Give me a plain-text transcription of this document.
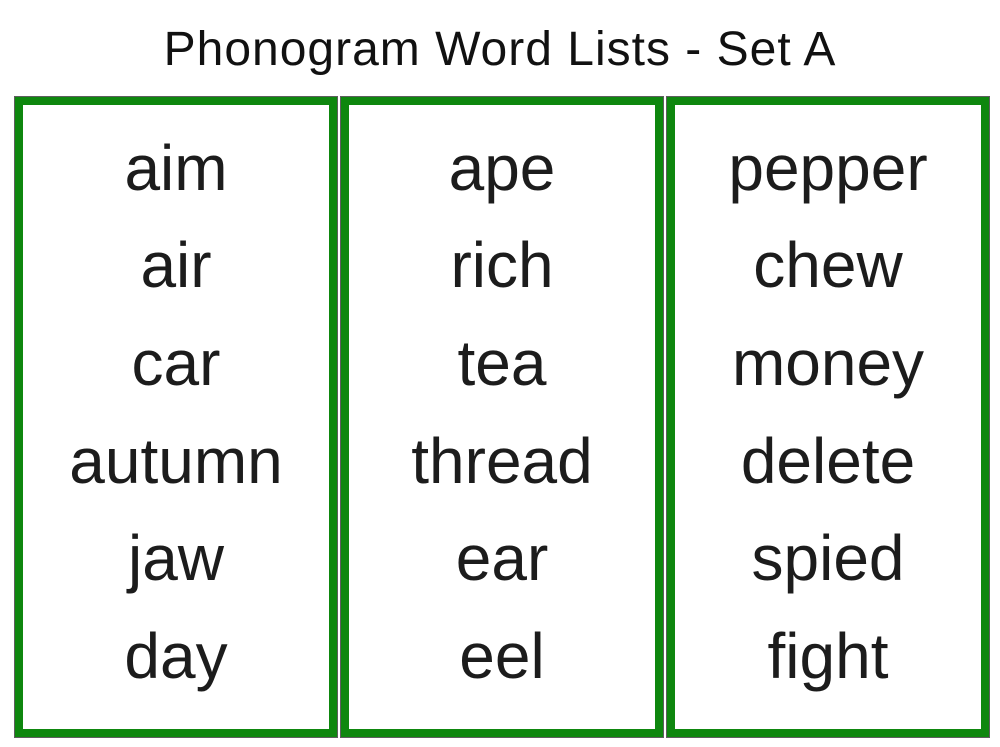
Phonogram Word Lists - Set A
aim
air
car
autumn
jaw
day
ape
rich
tea
thread
ear
eel
pepper
chew
money
delete
spied
fight
